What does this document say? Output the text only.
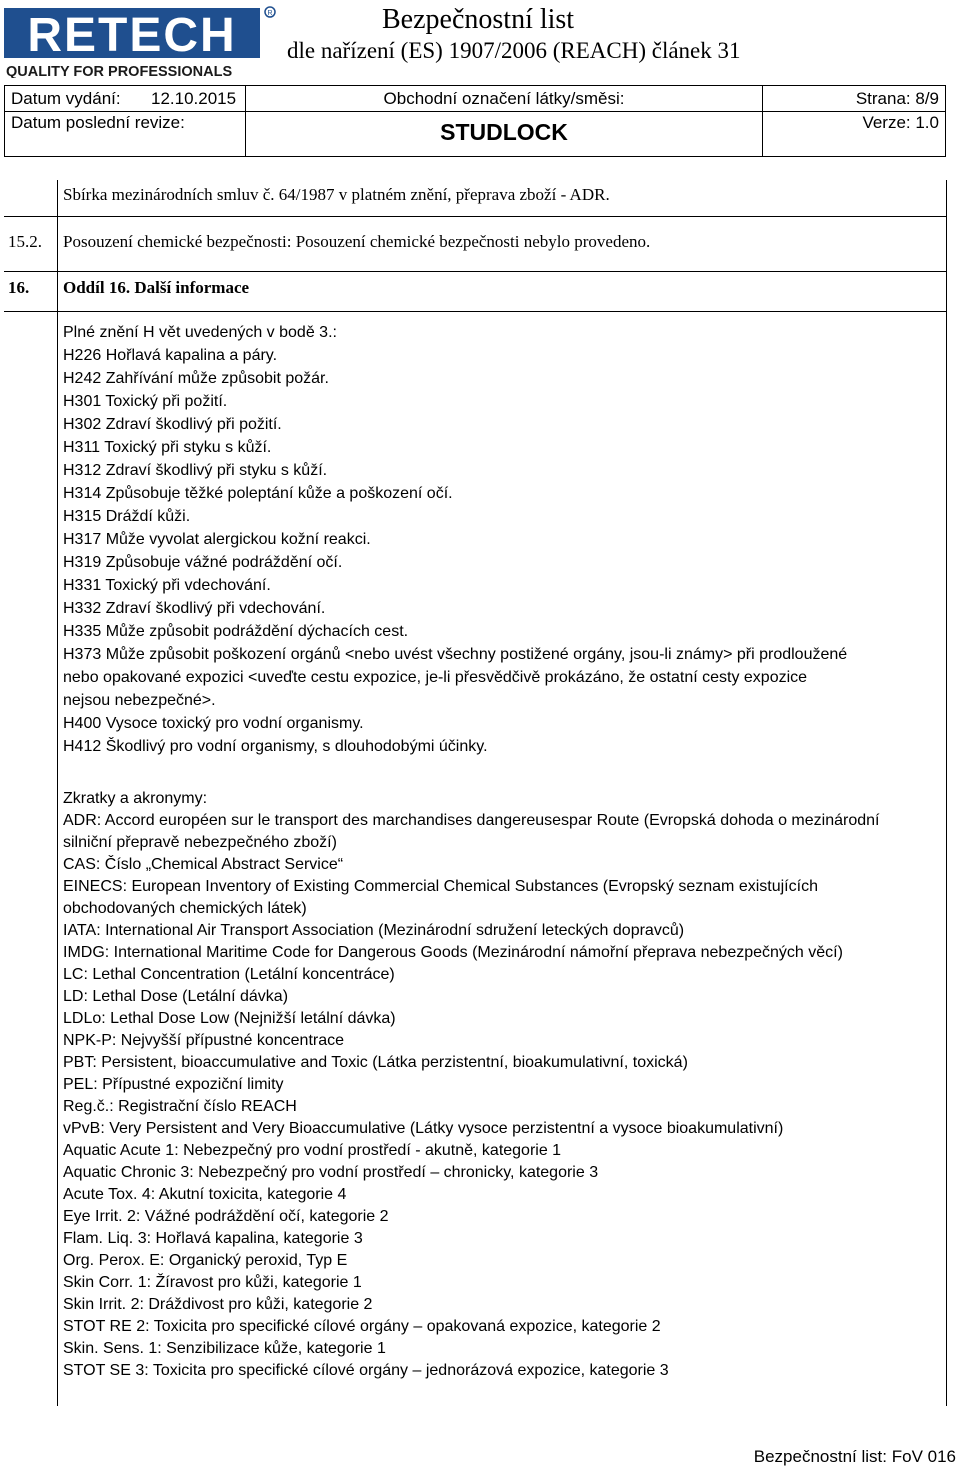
RETECH	R
QUALITY FOR PROFESSIONALS
Bezpečnostní list
dle nařízení (ES) 1907/2006 (REACH) článek 31
Datum vydání: 12.10.2015	Obchodní označení látky/směsi:	Strana: 8/9
Datum poslední revize:	STUDLOCK	Verze: 1.0
Sbírka mezinárodních smluv č. 64/1987 v platném znění, přeprava zboží - ADR.
15.2. Posouzení chemické bezpečnosti: Posouzení chemické bezpečnosti nebylo provedeno.
16. Oddíl 16. Další informace
Plné znění H vět uvedených v bodě 3.:
H226 Hořlavá kapalina a páry.
H242 Zahřívání může způsobit požár.
H301 Toxický při požití.
H302 Zdraví škodlivý při požití.
H311 Toxický při styku s kůží.
H312 Zdraví škodlivý při styku s kůží.
H314 Způsobuje těžké poleptání kůže a poškození očí.
H315 Dráždí kůži.
H317 Může vyvolat alergickou kožní reakci.
H319 Způsobuje vážné podráždění očí.
H331 Toxický při vdechování.
H332 Zdraví škodlivý při vdechování.
H335 Může způsobit podráždění dýchacích cest.
H373 Může způsobit poškození orgánů <nebo uvést všechny postižené orgány, jsou-li známy> při prodloužené
nebo opakované expozici <uveďte cestu expozice, je-li přesvědčivě prokázáno, že ostatní cesty expozice
nejsou nebezpečné>.
H400 Vysoce toxický pro vodní organismy.
H412 Škodlivý pro vodní organismy, s dlouhodobými účinky.
Zkratky a akronymy:
ADR: Accord européen sur le transport des marchandises dangereusespar Route (Evropská dohoda o mezinárodní
silniční přepravě nebezpečného zboží)
CAS: Číslo „Chemical Abstract Service“
EINECS: European Inventory of Existing Commercial Chemical Substances (Evropský seznam existujících
obchodovaných chemických látek)
IATA: International Air Transport Association (Mezinárodní sdružení leteckých dopravců)
IMDG: International Maritime Code for Dangerous Goods (Mezinárodní námořní přeprava nebezpečných věcí)
LC: Lethal Concentration (Letální koncentráce)
LD: Lethal Dose (Letální dávka)
LDLo: Lethal Dose Low (Nejnižší letální dávka)
NPK-P: Nejvyšší přípustné koncentrace
PBT: Persistent, bioaccumulative and Toxic (Látka perzistentní, bioakumulativní, toxická)
PEL: Přípustné expoziční limity
Reg.č.: Registrační číslo REACH
vPvB: Very Persistent and Very Bioaccumulative (Látky vysoce perzistentní a vysoce bioakumulativní)
Aquatic Acute 1: Nebezpečný pro vodní prostředí - akutně, kategorie 1
Aquatic Chronic 3: Nebezpečný pro vodní prostředí – chronicky, kategorie 3
Acute Tox. 4: Akutní toxicita, kategorie 4
Eye Irrit. 2: Vážné podráždění očí, kategorie 2
Flam. Liq. 3: Hořlavá kapalina, kategorie 3
Org. Perox. E: Organický peroxid, Typ E
Skin Corr. 1: Žíravost pro kůži, kategorie 1
Skin Irrit. 2: Dráždivost pro kůži, kategorie 2
STOT RE 2: Toxicita pro specifické cílové orgány – opakovaná expozice, kategorie 2
Skin. Sens. 1: Senzibilizace kůže, kategorie 1
STOT SE 3: Toxicita pro specifické cílové orgány – jednorázová expozice, kategorie 3
Bezpečnostní list: FoV 016
